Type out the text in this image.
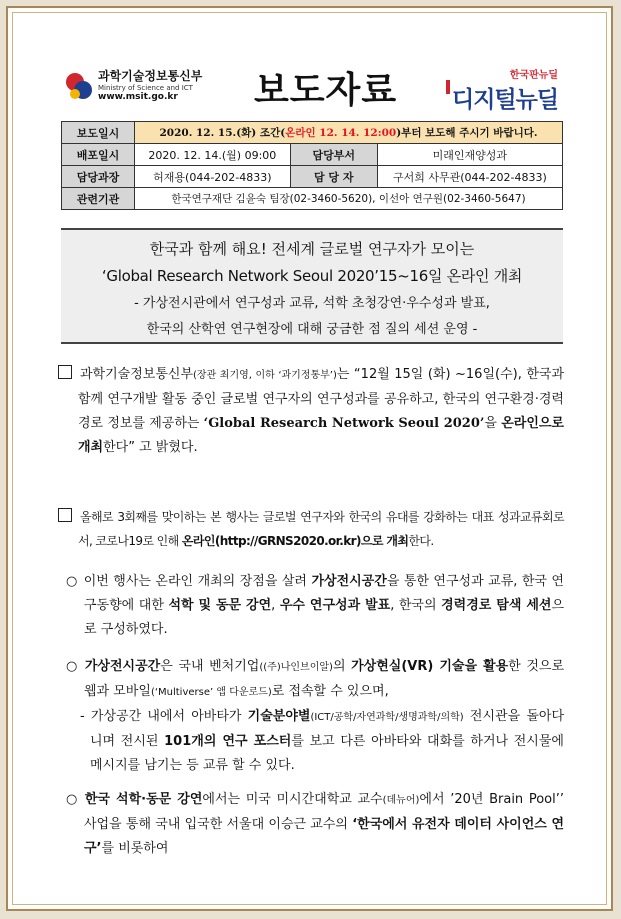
과학기술정보통신부
Ministry of Science and ICT
www.msit.go.kr	보도자료	한국판뉴딜
디지털뉴딜
보도일시	2020. 12. 15.(화) 조간(온라인 12. 14. 12:00)부터 보도해 주시기 바랍니다.		
배포일시	2020. 12. 14.(월) 09:00	담당부서	미래인재양성과
담당과장	허재용(044-202-4833)	담 당 자	구서희 사무관(044-202-4833)
관련기관	한국연구재단 김윤숙 팀장(02-3460-5620), 이선아 연구원(02-3460-5647)		
한국과 함께 해요! 전세계 글로벌 연구자가 모이는
‘Global Research Network Seoul 2020’15~16일 온라인 개최
- 가상전시관에서 연구성과 교류, 석학 초청강연·우수성과 발표,
한국의 산학연 연구현장에 대해 궁금한 점 질의 세션 운영 -
과학기술정보통신부(장관 최기영, 이하 ‘과기정통부’)는 “12월 15일 (화) ~16일(수), 한국과 함께 연구개발 활동 중인 글로벌 연구자의 연구성과를 공유하고, 한국의 연구환경·경력경로 정보를 제공하는 ‘Global Research Network Seoul 2020’을 온라인으로 개최한다” 고 밝혔다.
올해로 3회째를 맞이하는 본 행사는 글로벌 연구자와 한국의 유대를 강화하는 대표 성과교류회로서, 코로나19로 인해 온라인(http://GRNS2020.or.kr)으로 개최한다.
○ 이번 행사는 온라인 개최의 장점을 살려 가상전시공간을 통한 연구성과 교류, 한국 연구동향에 대한 석학 및 동문 강연, 우수 연구성과 발표, 한국의 경력경로 탐색 세션으로 구성하였다.
○ 가상전시공간은 국내 벤처기업((주)나인브이알)의 가상현실(VR) 기술을 활용한 것으로 웹과 모바일(‘Multiverse’ 앱 다운로드)로 접속할 수 있으며,
- 가상공간 내에서 아바타가 기술분야별(ICT/공학/자연과학/생명과학/의학) 전시관을 돌아다니며 전시된 101개의 연구 포스터를 보고 다른 아바타와 대화를 하거나 전시물에 메시지를 남기는 등 교류 할 수 있다.
○ 한국 석학·동문 강연에서는 미국 미시간대학교 교수(데뉴어)에서 ’20년 Brain Pool’’ 사업을 통해 국내 입국한 서울대 이승근 교수의 ‘한국에서 유전자 데이터 사이언스 연구’를 비롯하여
